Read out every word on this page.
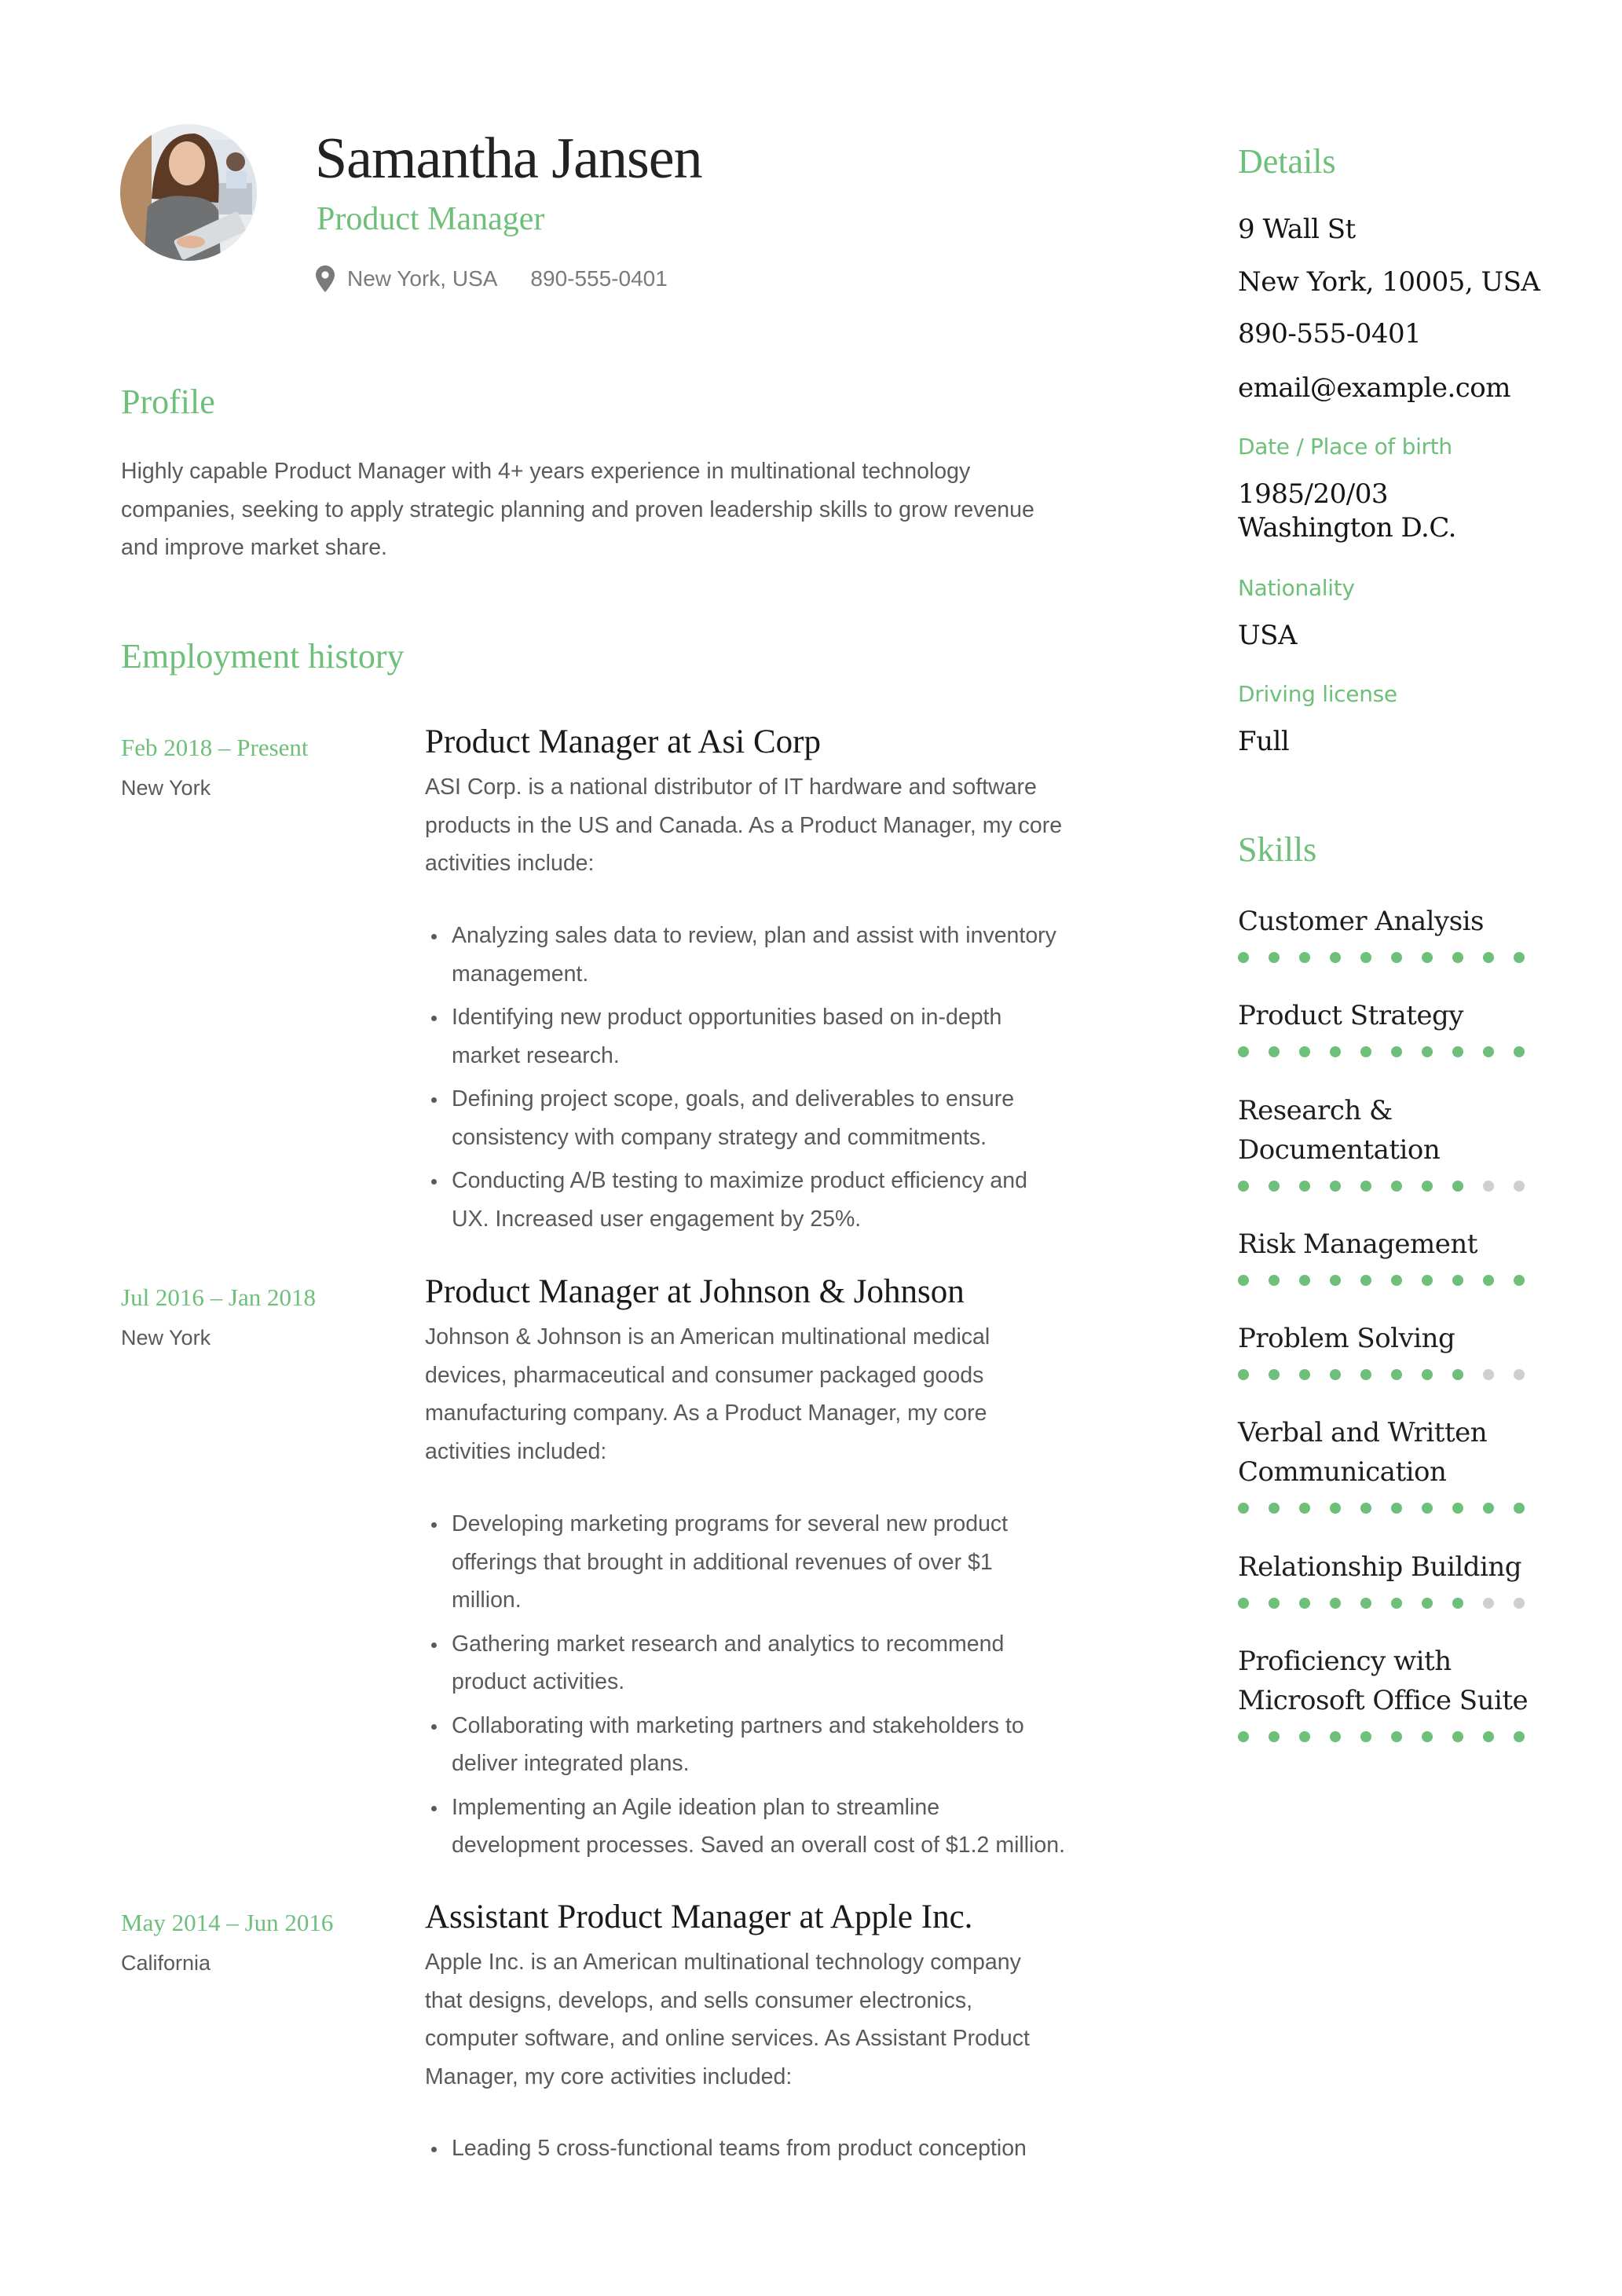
Samantha Jansen
Product Manager
New York, USA 890-555-0401
Profile
Highly capable Product Manager with 4+ years experience in multinational technology
companies, seeking to apply strategic planning and proven leadership skills to grow revenue
and improve market share.
Employment history
Feb 2018 – Present
New York
Product Manager at Asi Corp
ASI Corp. is a national distributor of IT hardware and software
products in the US and Canada. As a Product Manager, my core
activities include:
Analyzing sales data to review, plan and assist with inventory
management.
Identifying new product opportunities based on in-depth
market research.
Defining project scope, goals, and deliverables to ensure
consistency with company strategy and commitments.
Conducting A/B testing to maximize product efficiency and
UX. Increased user engagement by 25%.
Jul 2016 – Jan 2018
New York
Product Manager at Johnson & Johnson
Johnson & Johnson is an American multinational medical
devices, pharmaceutical and consumer packaged goods
manufacturing company. As a Product Manager, my core
activities included:
Developing marketing programs for several new product
offerings that brought in additional revenues of over $1
million.
Gathering market research and analytics to recommend
product activities.
Collaborating with marketing partners and stakeholders to
deliver integrated plans.
Implementing an Agile ideation plan to streamline
development processes. Saved an overall cost of $1.2 million.
May 2014 – Jun 2016
California
Assistant Product Manager at Apple Inc.
Apple Inc. is an American multinational technology company
that designs, develops, and sells consumer electronics,
computer software, and online services. As Assistant Product
Manager, my core activities included:
Leading 5 cross-functional teams from product conception
Details
9 Wall St
New York, 10005, USA
890-555-0401
email@example.com
Date / Place of birth
1985/20/03
Washington D.C.
Nationality
USA
Driving license
Full
Skills
Customer Analysis
Product Strategy
Research &
Documentation
Risk Management
Problem Solving
Verbal and Written
Communication
Relationship Building
Proficiency with
Microsoft Office Suite
